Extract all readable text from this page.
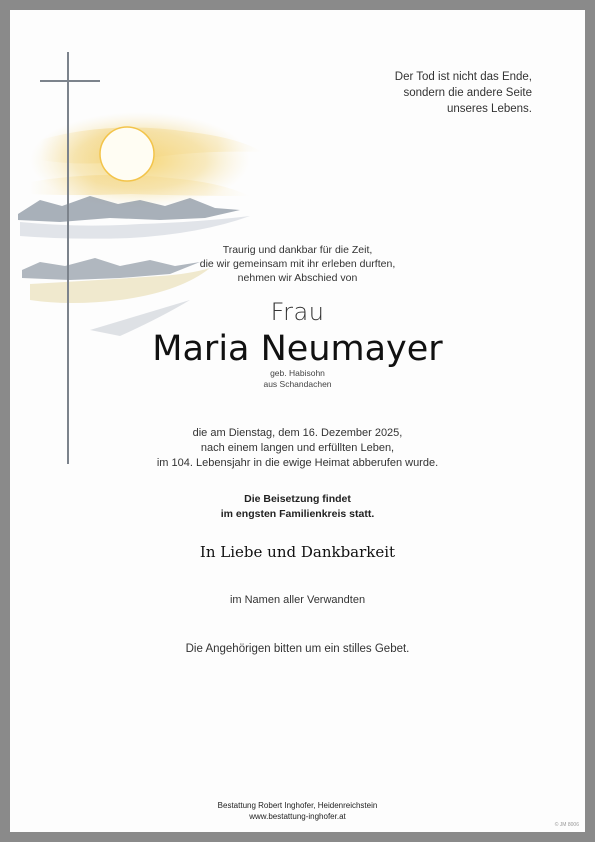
Der Tod ist nicht das Ende,
sondern die andere Seite
unseres Lebens.
Traurig und dankbar für die Zeit,
die wir gemeinsam mit ihr erleben durften,
nehmen wir Abschied von
Frau
Maria Neumayer
geb. Habisohn
aus Schandachen
die am Dienstag, dem 16. Dezember 2025,
nach einem langen und erfüllten Leben,
im 104. Lebensjahr in die ewige Heimat abberufen wurde.
Die Beisetzung findet
im engsten Familienkreis statt.
In Liebe und Dankbarkeit
im Namen aller Verwandten
Die Angehörigen bitten um ein stilles Gebet.
Bestattung Robert Inghofer, Heidenreichstein
www.bestattung-inghofer.at
© JM 8006
